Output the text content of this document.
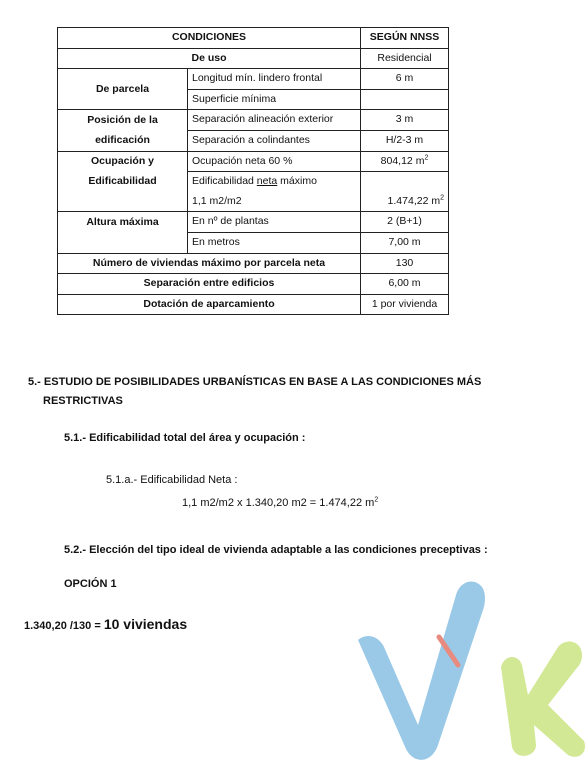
CONDICIONES		SEGÚN NNSS
De uso		Residencial
De parcela	Longitud mín. lindero frontal	6 m
	Superficie mínima	
Posición de la	Separación alineación exterior	3 m
edificación	Separación a colindantes	H/2-3 m
Ocupación y	Ocupación neta 60 %	804,12 $m^2$
Edificabilidad	Edificabilidad neta máximo	
	1,1 m2/m2	1.474,22 $m^2$
Altura máxima	En nº de plantas	2 (B+1)
	En metros	7,00 m
Número de viviendas máximo por parcela neta		130
Separación entre edificios		6,00 m
Dotación de aparcamiento		1 por vivienda
5.- ESTUDIO DE POSIBILIDADES URBANÍSTICAS EN BASE A LAS CONDICIONES MÁS
RESTRICTIVAS
5.1.- Edificabilidad total del área y ocupación :
5.1.a.- Edificabilidad Neta :
1,1 m2/m2 x 1.340,20 m2 = 1.474,22 $m^2$
5.2.- Elección del tipo ideal de vivienda adaptable a las condiciones preceptivas :
OPCIÓN 1
1.340,20 /130 = 10 viviendas
